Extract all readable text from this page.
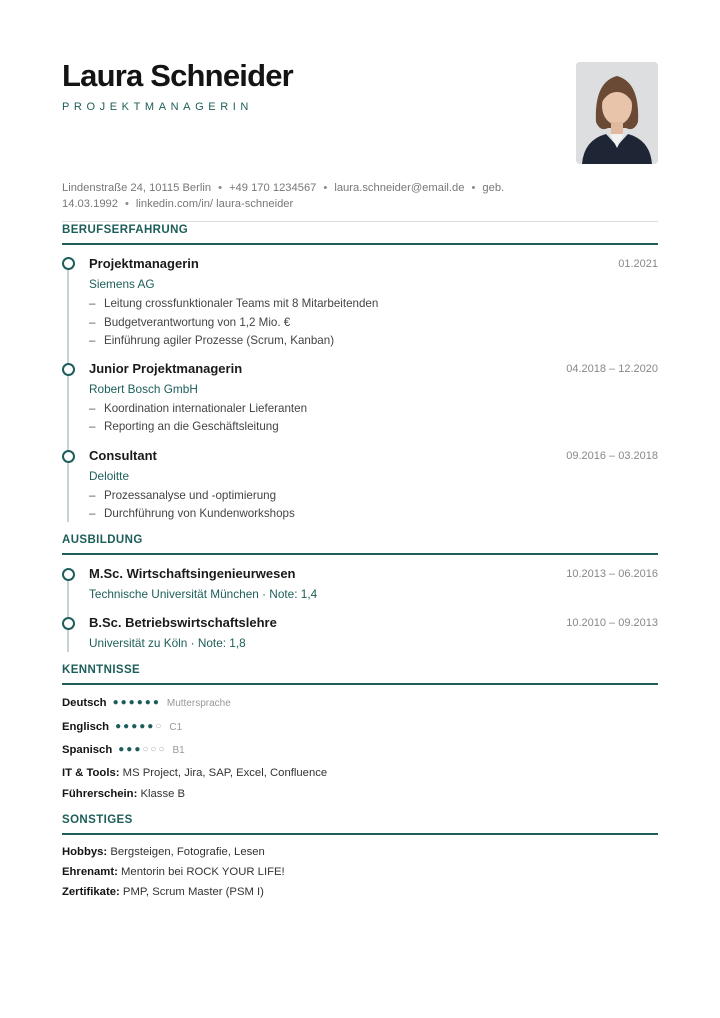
Laura Schneider
PROJEKTMANAGERIN
Lindenstraße 24, 10115 Berlin • +49 170 1234567 • laura.schneider@email.de • geb. 14.03.1992 • linkedin.com/in/ laura-schneider
BERUFSERFAHRUNG
Projektmanagerin	01.2021
Siemens AG
– Leitung crossfunktionaler Teams mit 8 Mitarbeitenden
– Budgetverantwortung von 1,2 Mio. €
– Einführung agiler Prozesse (Scrum, Kanban)
Junior Projektmanagerin	04.2018 – 12.2020
Robert Bosch GmbH
– Koordination internationaler Lieferanten
– Reporting an die Geschäftsleitung
Consultant	09.2016 – 03.2018
Deloitte
– Prozessanalyse und -optimierung
– Durchführung von Kundenworkshops
AUSBILDUNG
M.Sc. Wirtschaftsingenieurwesen	10.2013 – 06.2016
Technische Universität München · Note: 1,4
B.Sc. Betriebswirtschaftslehre	10.2010 – 09.2013
Universität zu Köln · Note: 1,8
KENNTNISSE
Deutsch ●●●●●● Muttersprache
Englisch ●●●●●○ C1
Spanisch ●●●○○○ B1
IT & Tools: MS Project, Jira, SAP, Excel, Confluence
Führerschein: Klasse B
SONSTIGES
Hobbys: Bergsteigen, Fotografie, Lesen
Ehrenamt: Mentorin bei ROCK YOUR LIFE!
Zertifikate: PMP, Scrum Master (PSM I)
